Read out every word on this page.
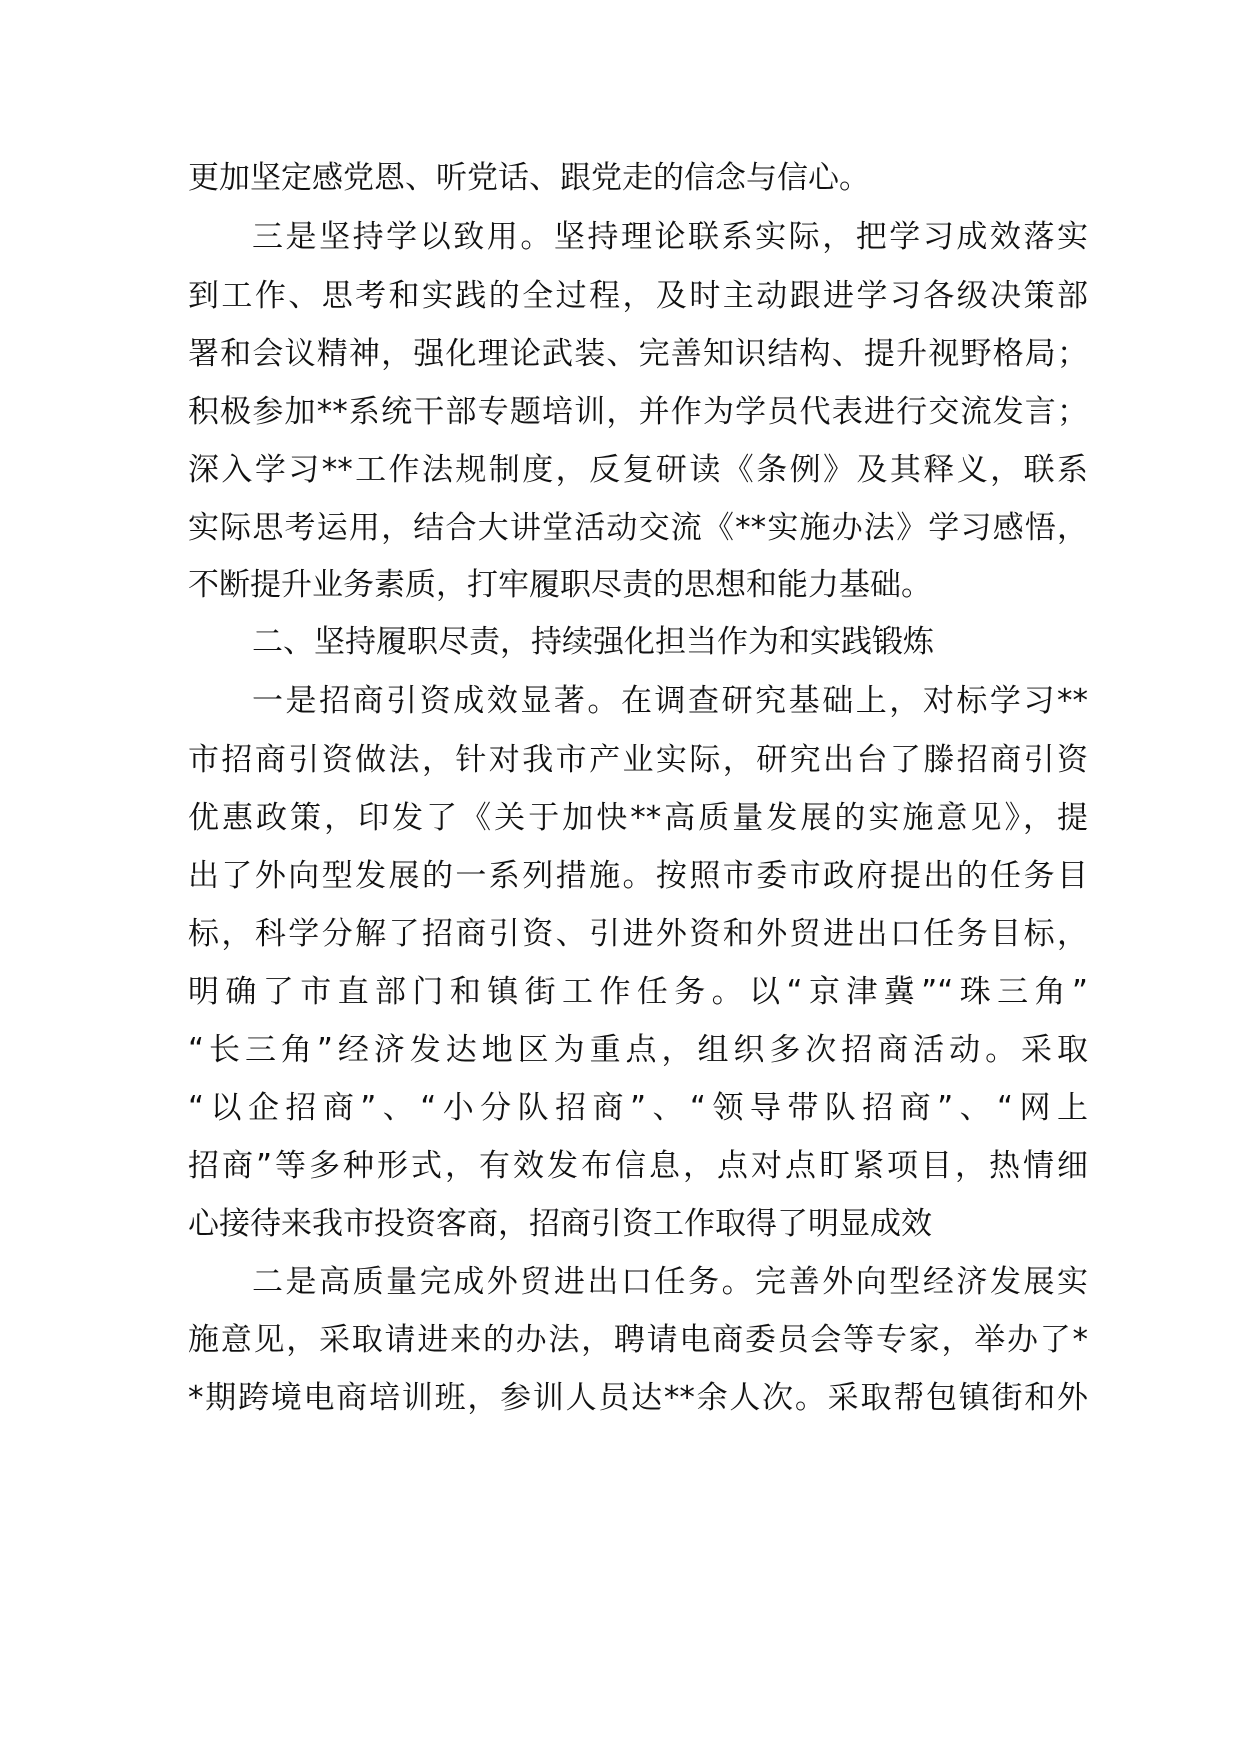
更加坚定感党恩、听党话、跟党走的信念与信心。
三是坚持学以致用。坚持理论联系实际，把学习成效落实
到工作、思考和实践的全过程，及时主动跟进学习各级决策部
署和会议精神，强化理论武装、完善知识结构、提升视野格局；
积极参加**系统干部专题培训，并作为学员代表进行交流发言；
深入学习**工作法规制度，反复研读《条例》及其释义，联系
实际思考运用，结合大讲堂活动交流《**实施办法》学习感悟，
不断提升业务素质，打牢履职尽责的思想和能力基础。
二、坚持履职尽责，持续强化担当作为和实践锻炼
一是招商引资成效显著。在调查研究基础上，对标学习**
市招商引资做法，针对我市产业实际，研究出台了滕招商引资
优惠政策，印发了《关于加快**高质量发展的实施意见》，提
出了外向型发展的一系列措施。按照市委市政府提出的任务目
标，科学分解了招商引资、引进外资和外贸进出口任务目标，
明确了市直部门和镇街工作任务。以“京津冀”“珠三角”
“长三角”经济发达地区为重点，组织多次招商活动。采取
“以企招商”、“小分队招商”、“领导带队招商”、“网上
招商”等多种形式，有效发布信息，点对点盯紧项目，热情细
心接待来我市投资客商，招商引资工作取得了明显成效
二是高质量完成外贸进出口任务。完善外向型经济发展实
施意见，采取请进来的办法，聘请电商委员会等专家，举办了*
*期跨境电商培训班，参训人员达**余人次。采取帮包镇街和外
